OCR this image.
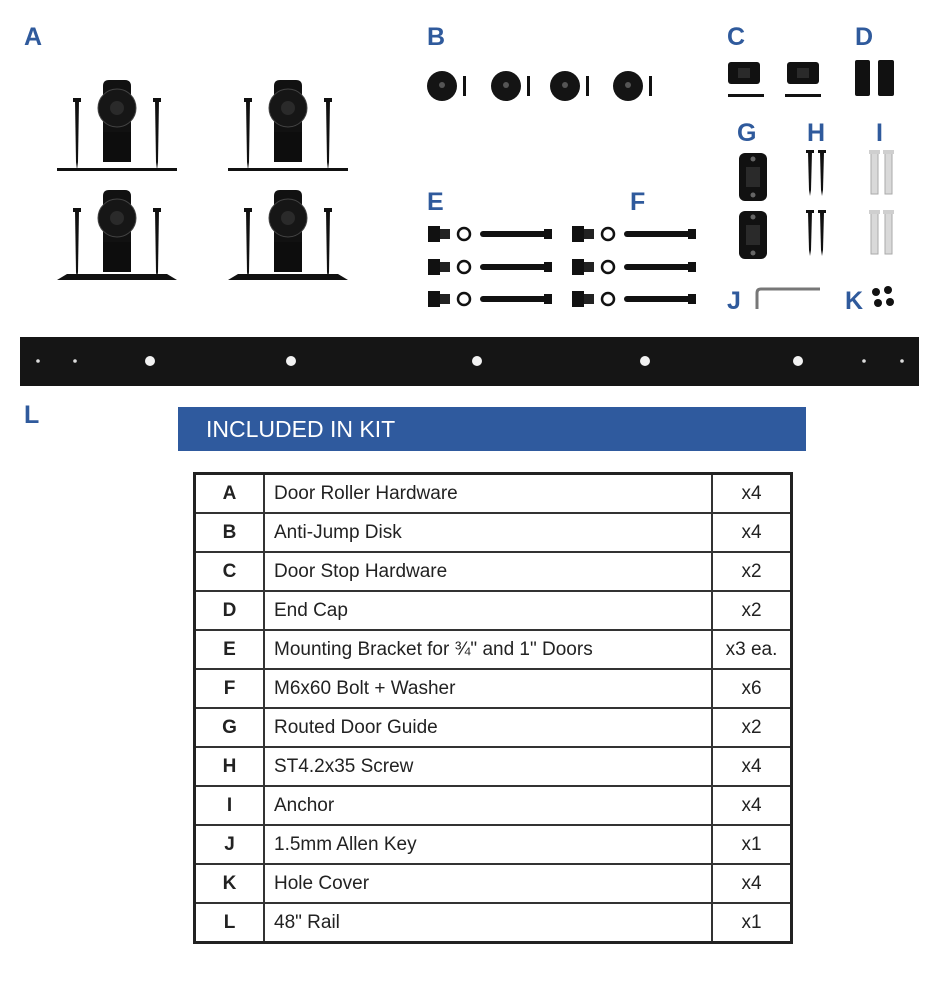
A	B	C	D
G H I
E	F
J	K
L	INCLUDED IN KIT
A	Door Roller Hardware	x4
B	Anti-Jump Disk	x4
C	Door Stop Hardware	x2
D	End Cap	x2
E	Mounting Bracket for ¾" and 1" Doors	x3 ea.
F	M6x60 Bolt + Washer	x6
G	Routed Door Guide	x2
H	ST4.2x35 Screw	x4
I	Anchor	x4
J	1.5mm Allen Key	x1
K	Hole Cover	x4
L	48" Rail	x1
